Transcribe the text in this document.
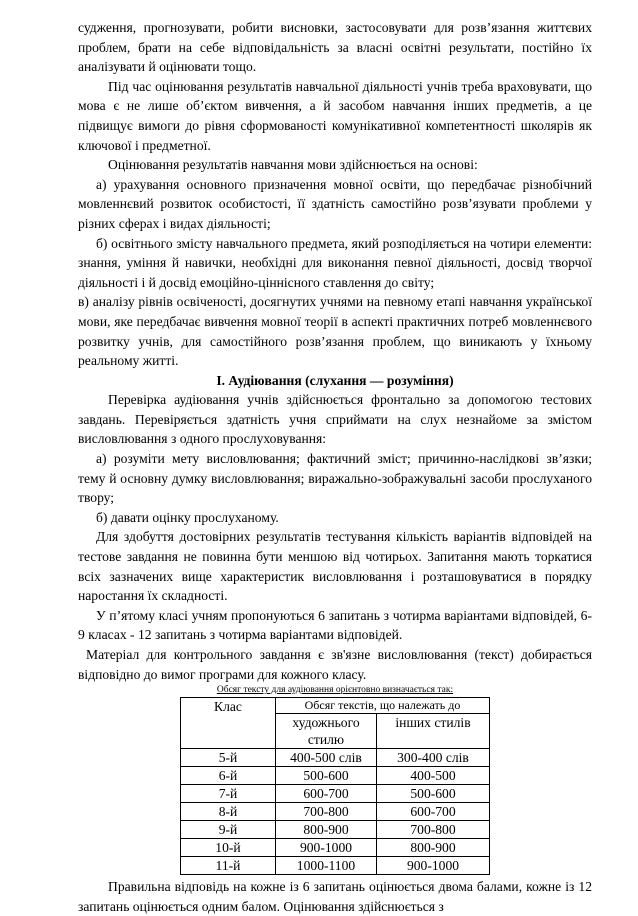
судження, прогнозувати, робити висновки, застосовувати для розв’язання життєвих проблем, брати на себе відповідальність за власні освітні результати, постійно їх аналізувати й оцінювати тощо.

Під час оцінювання результатів навчальної діяльності учнів треба враховувати, що мова є не лише об’єктом вивчення, а й засобом навчання інших предметів, а це підвищує вимоги до рівня сформованості комунікативної компетентності школярів як ключової і предметної.

Оцінювання результатів навчання мови здійснюється на основі:

а) урахування основного призначення мовної освіти, що передбачає різнобічний мовленнєвий розвиток особистості, її здатність самостійно розв’язувати проблеми у різних сферах і видах діяльності;

б) освітнього змісту навчального предмета, який розподіляється на чотири елементи: знання, уміння й навички, необхідні для виконання певної діяльності, досвід творчої діяльності і й досвід емоційно-ціннісного ставлення до світу;

в) аналізу рівнів освіченості, досягнутих учнями на певному етапі навчання української мови, яке передбачає вивчення мовної теорії в аспекті практичних потреб мовленнєвого розвитку учнів, для самостійного розв’язання проблем, що виникають у їхньому реальному житті.

І. Аудіювання (слухання — розуміння)

Перевірка аудіювання учнів здійснюється фронтально за допомогою тестових завдань. Перевіряється здатність учня сприймати на слух незнайоме за змістом висловлювання з одного прослуховування:

а) розуміти мету висловлювання; фактичний зміст; причинно-наслідкові зв’язки; тему й основну думку висловлювання; виражально-зображувальні засоби прослуханого твору;

б) давати оцінку прослуханому.

Для здобуття достовірних результатів тестування кількість варіантів відповідей на тестове завдання не повинна бути меншою від чотирьох. Запитання мають торкатися всіх зазначених вище характеристик висловлювання і розташовуватися в порядку наростання їх складності.

У п’ятому класі учням пропонуються 6 запитань з чотирма варіантами відповідей, 6-9 класах - 12 запитань з чотирма варіантами відповідей.

Матеріал для контрольного завдання є зв'язне висловлювання (текст) добирається відповідно до вимог програми для кожного класу.

Обсяг тексту для аудіювання орієнтовно визначається так:

Клас	Обсяг текстів, що належать до	
	художнього стилю	інших стилів
5-й	400-500 слів	300-400 слів
6-й	500-600	400-500
7-й	600-700	500-600
8-й	700-800	600-700
9-й	800-900	700-800
10-й	900-1000	800-900
11-й	1000-1100	900-1000

Правильна відповідь на кожне із 6 запитань оцінюється двома балами, кожне із 12 запитань оцінюється одним балом. Оцінювання здійснюється з
